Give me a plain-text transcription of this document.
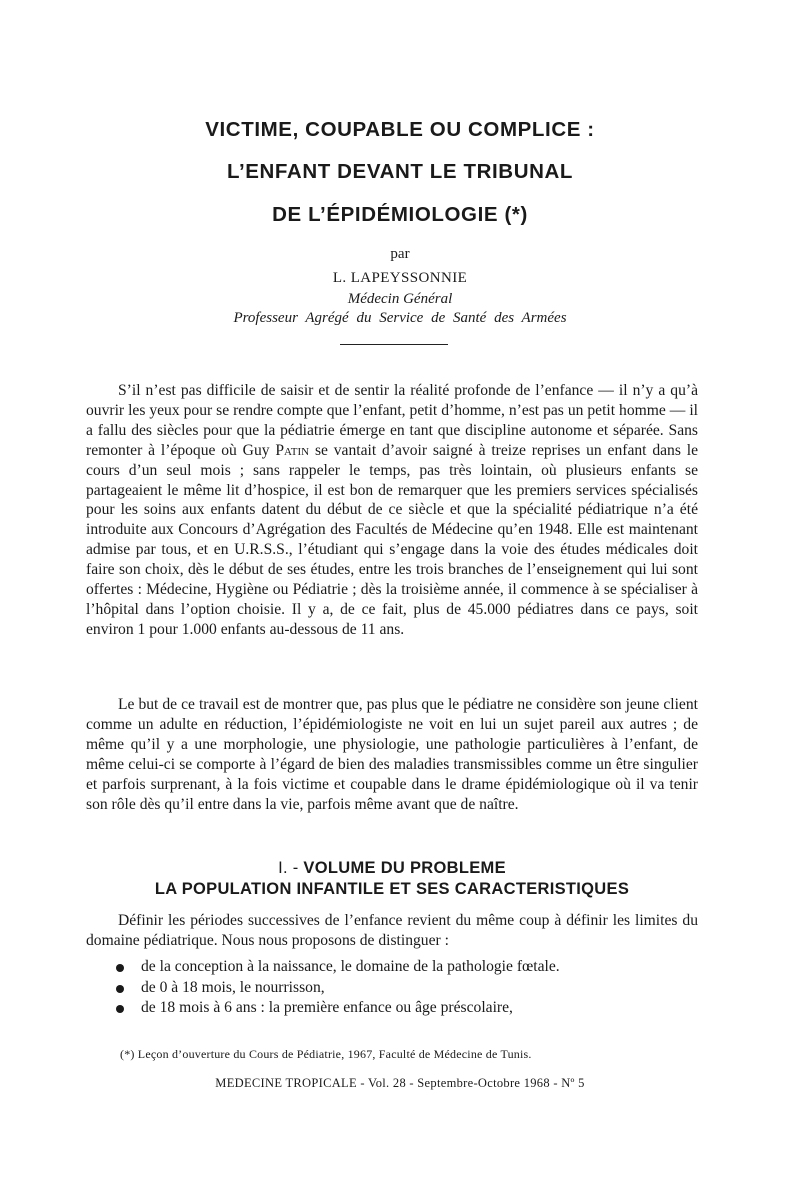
VICTIME, COUPABLE OU COMPLICE :
L’ENFANT DEVANT LE TRIBUNAL
DE L’ÉPIDÉMIOLOGIE (*)

par

L. LAPEYSSONNIE

Médecin Général

Professeur Agrégé du Service de Santé des Armées

S’il n’est pas difficile de saisir et de sentir la réalité profonde de l’enfance — il n’y a qu’à ouvrir les yeux pour se rendre compte que l’enfant, petit d’homme, n’est pas un petit homme — il a fallu des siècles pour que la pédiatrie émerge en tant que discipline autonome et séparée. Sans remonter à l’époque où Guy Patin se vantait d’avoir saigné à treize reprises un enfant dans le cours d’un seul mois ; sans rappeler le temps, pas très lointain, où plusieurs enfants se partageaient le même lit d’hospice, il est bon de remarquer que les premiers services spécialisés pour les soins aux enfants datent du début de ce siècle et que la spécialité pédiatrique n’a été introduite aux Concours d’Agrégation des Facultés de Médecine qu’en 1948. Elle est maintenant admise par tous, et en U.R.S.S., l’étudiant qui s’engage dans la voie des études médicales doit faire son choix, dès le début de ses études, entre les trois branches de l’enseignement qui lui sont offertes : Médecine, Hygiène ou Pédiatrie ; dès la troisième année, il commence à se spécialiser à l’hôpital dans l’option choisie. Il y a, de ce fait, plus de 45.000 pédiatres dans ce pays, soit environ 1 pour 1.000 enfants au-dessous de 11 ans.

Le but de ce travail est de montrer que, pas plus que le pédiatre ne considère son jeune client comme un adulte en réduction, l’épidémiologiste ne voit en lui un sujet pareil aux autres ; de même qu’il y a une morphologie, une physiologie, une pathologie particulières à l’enfant, de même celui-ci se comporte à l’égard de bien des maladies transmissibles comme un être singulier et parfois surprenant, à la fois victime et coupable dans le drame épidémiologique où il va tenir son rôle dès qu’il entre dans la vie, parfois même avant que de naître.

I. - VOLUME DU PROBLEME

LA POPULATION INFANTILE ET SES CARACTERISTIQUES

Définir les périodes successives de l’enfance revient du même coup à définir les limites du domaine pédiatrique. Nous nous proposons de distinguer :

de la conception à la naissance, le domaine de la pathologie fœtale.
de 0 à 18 mois, le nourrisson,
de 18 mois à 6 ans : la première enfance ou âge préscolaire,

(*) Leçon d’ouverture du Cours de Pédiatrie, 1967, Faculté de Médecine de Tunis.

MEDECINE TROPICALE - Vol. 28 - Septembre-Octobre 1968 - Nº 5
